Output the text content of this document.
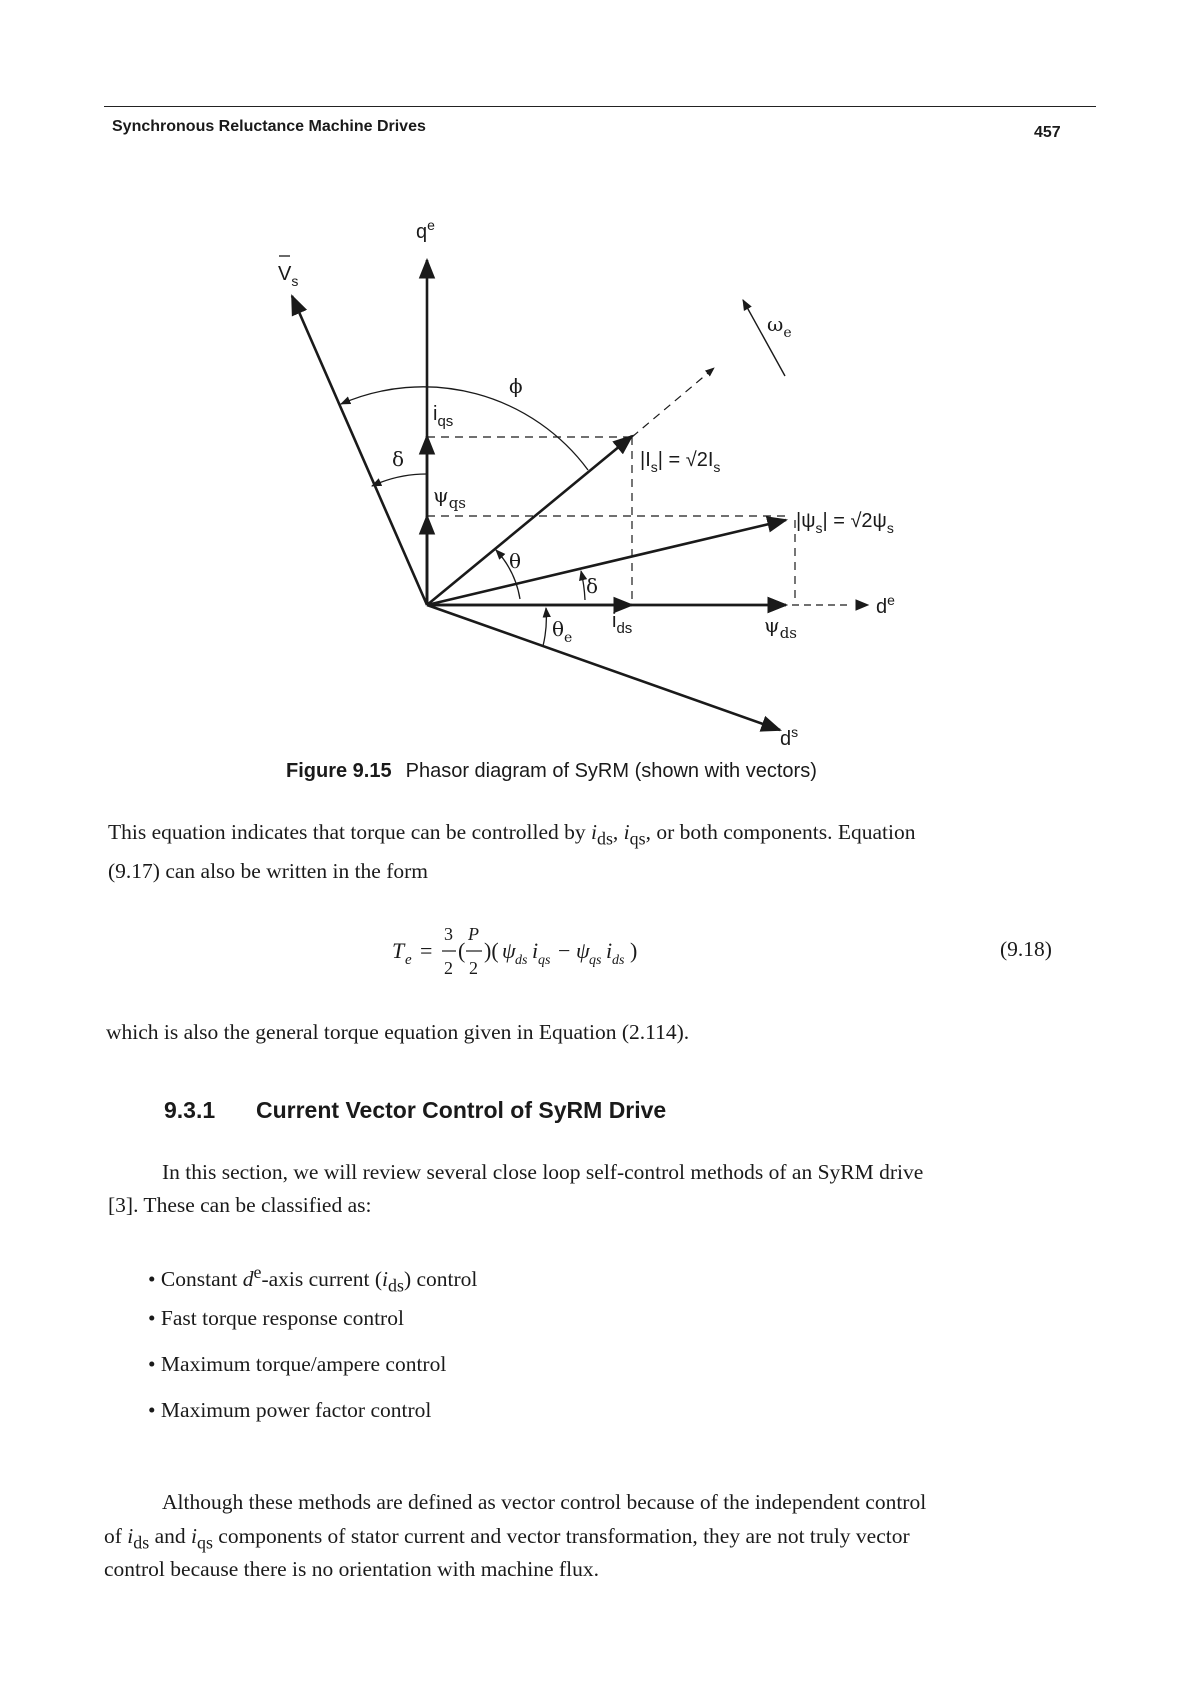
Synchronous Reluctance Machine Drives	457
$q^e$
$V_s$
$\omega_e$
ϕ
$i_{qs}$
δ
$\psi_{qs}$
$|I_s| = √2I_s$
$|\psi_s| = √2\psi_s$
θ
δ
$\theta_e$
$i_{ds}$	$\psi_{ds}$
$d^e$
$d^s$
Figure 9.15 Phasor diagram of SyRM (shown with vectors)

This equation indicates that torque can be controlled by $i_{ds}$, $i_{qs}$, or both components. Equation
(9.17) can also be written in the form

T e =
3
2
(
P
2
)( ψ ds i qs − ψ qs i ds )	(9.18)

which is also the general torque equation given in Equation (2.114).

9.3.1 Current Vector Control of SyRM Drive

In this section, we will review several close loop self-control methods of an SyRM drive

[3]. These can be classified as:

• Constant $d^e$-axis current $(i_{ds})$ control
• Fast torque response control
• Maximum torque/ampere control
• Maximum power factor control

Although these methods are defined as vector control because of the independent control

of $i_{ds}$ and $i_{qs}$ components of stator current and vector transformation, they are not truly vector

control because there is no orientation with machine flux.
